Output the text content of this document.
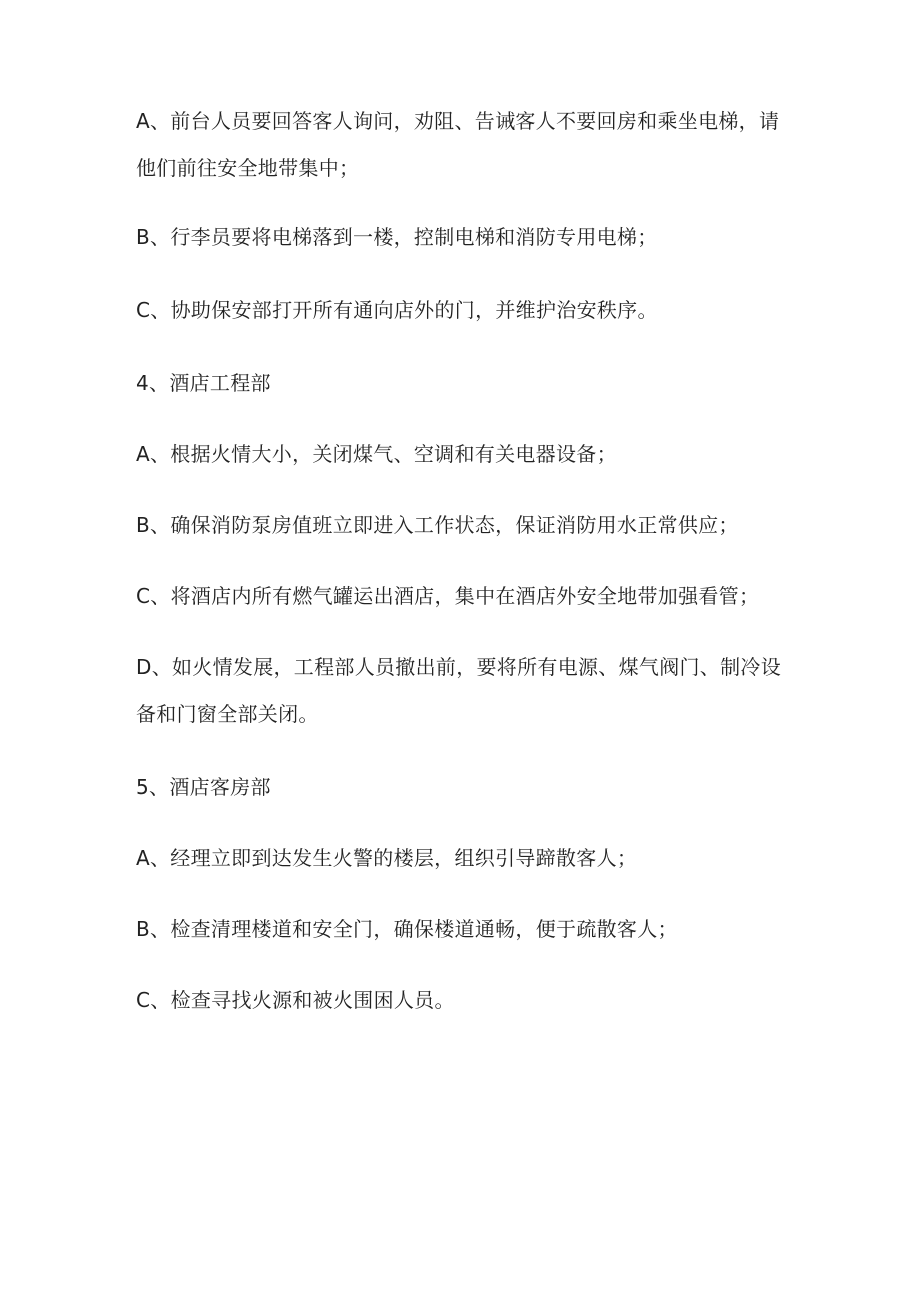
A、前台人员要回答客人询问，劝阻、告诫客人不要回房和乘坐电梯，请他们前往安全地带集中；

B、行李员要将电梯落到一楼，控制电梯和消防专用电梯；

C、协助保安部打开所有通向店外的门，并维护治安秩序。

4、酒店工程部

A、根据火情大小，关闭煤气、空调和有关电器设备；

B、确保消防泵房值班立即进入工作状态，保证消防用水正常供应；

C、将酒店内所有燃气罐运出酒店，集中在酒店外安全地带加强看管；

D、如火情发展，工程部人员撤出前，要将所有电源、煤气阀门、制冷设备和门窗全部关闭。

5、酒店客房部

A、经理立即到达发生火警的楼层，组织引导蹄散客人；

B、检查清理楼道和安全门，确保楼道通畅，便于疏散客人；

C、检查寻找火源和被火围困人员。
